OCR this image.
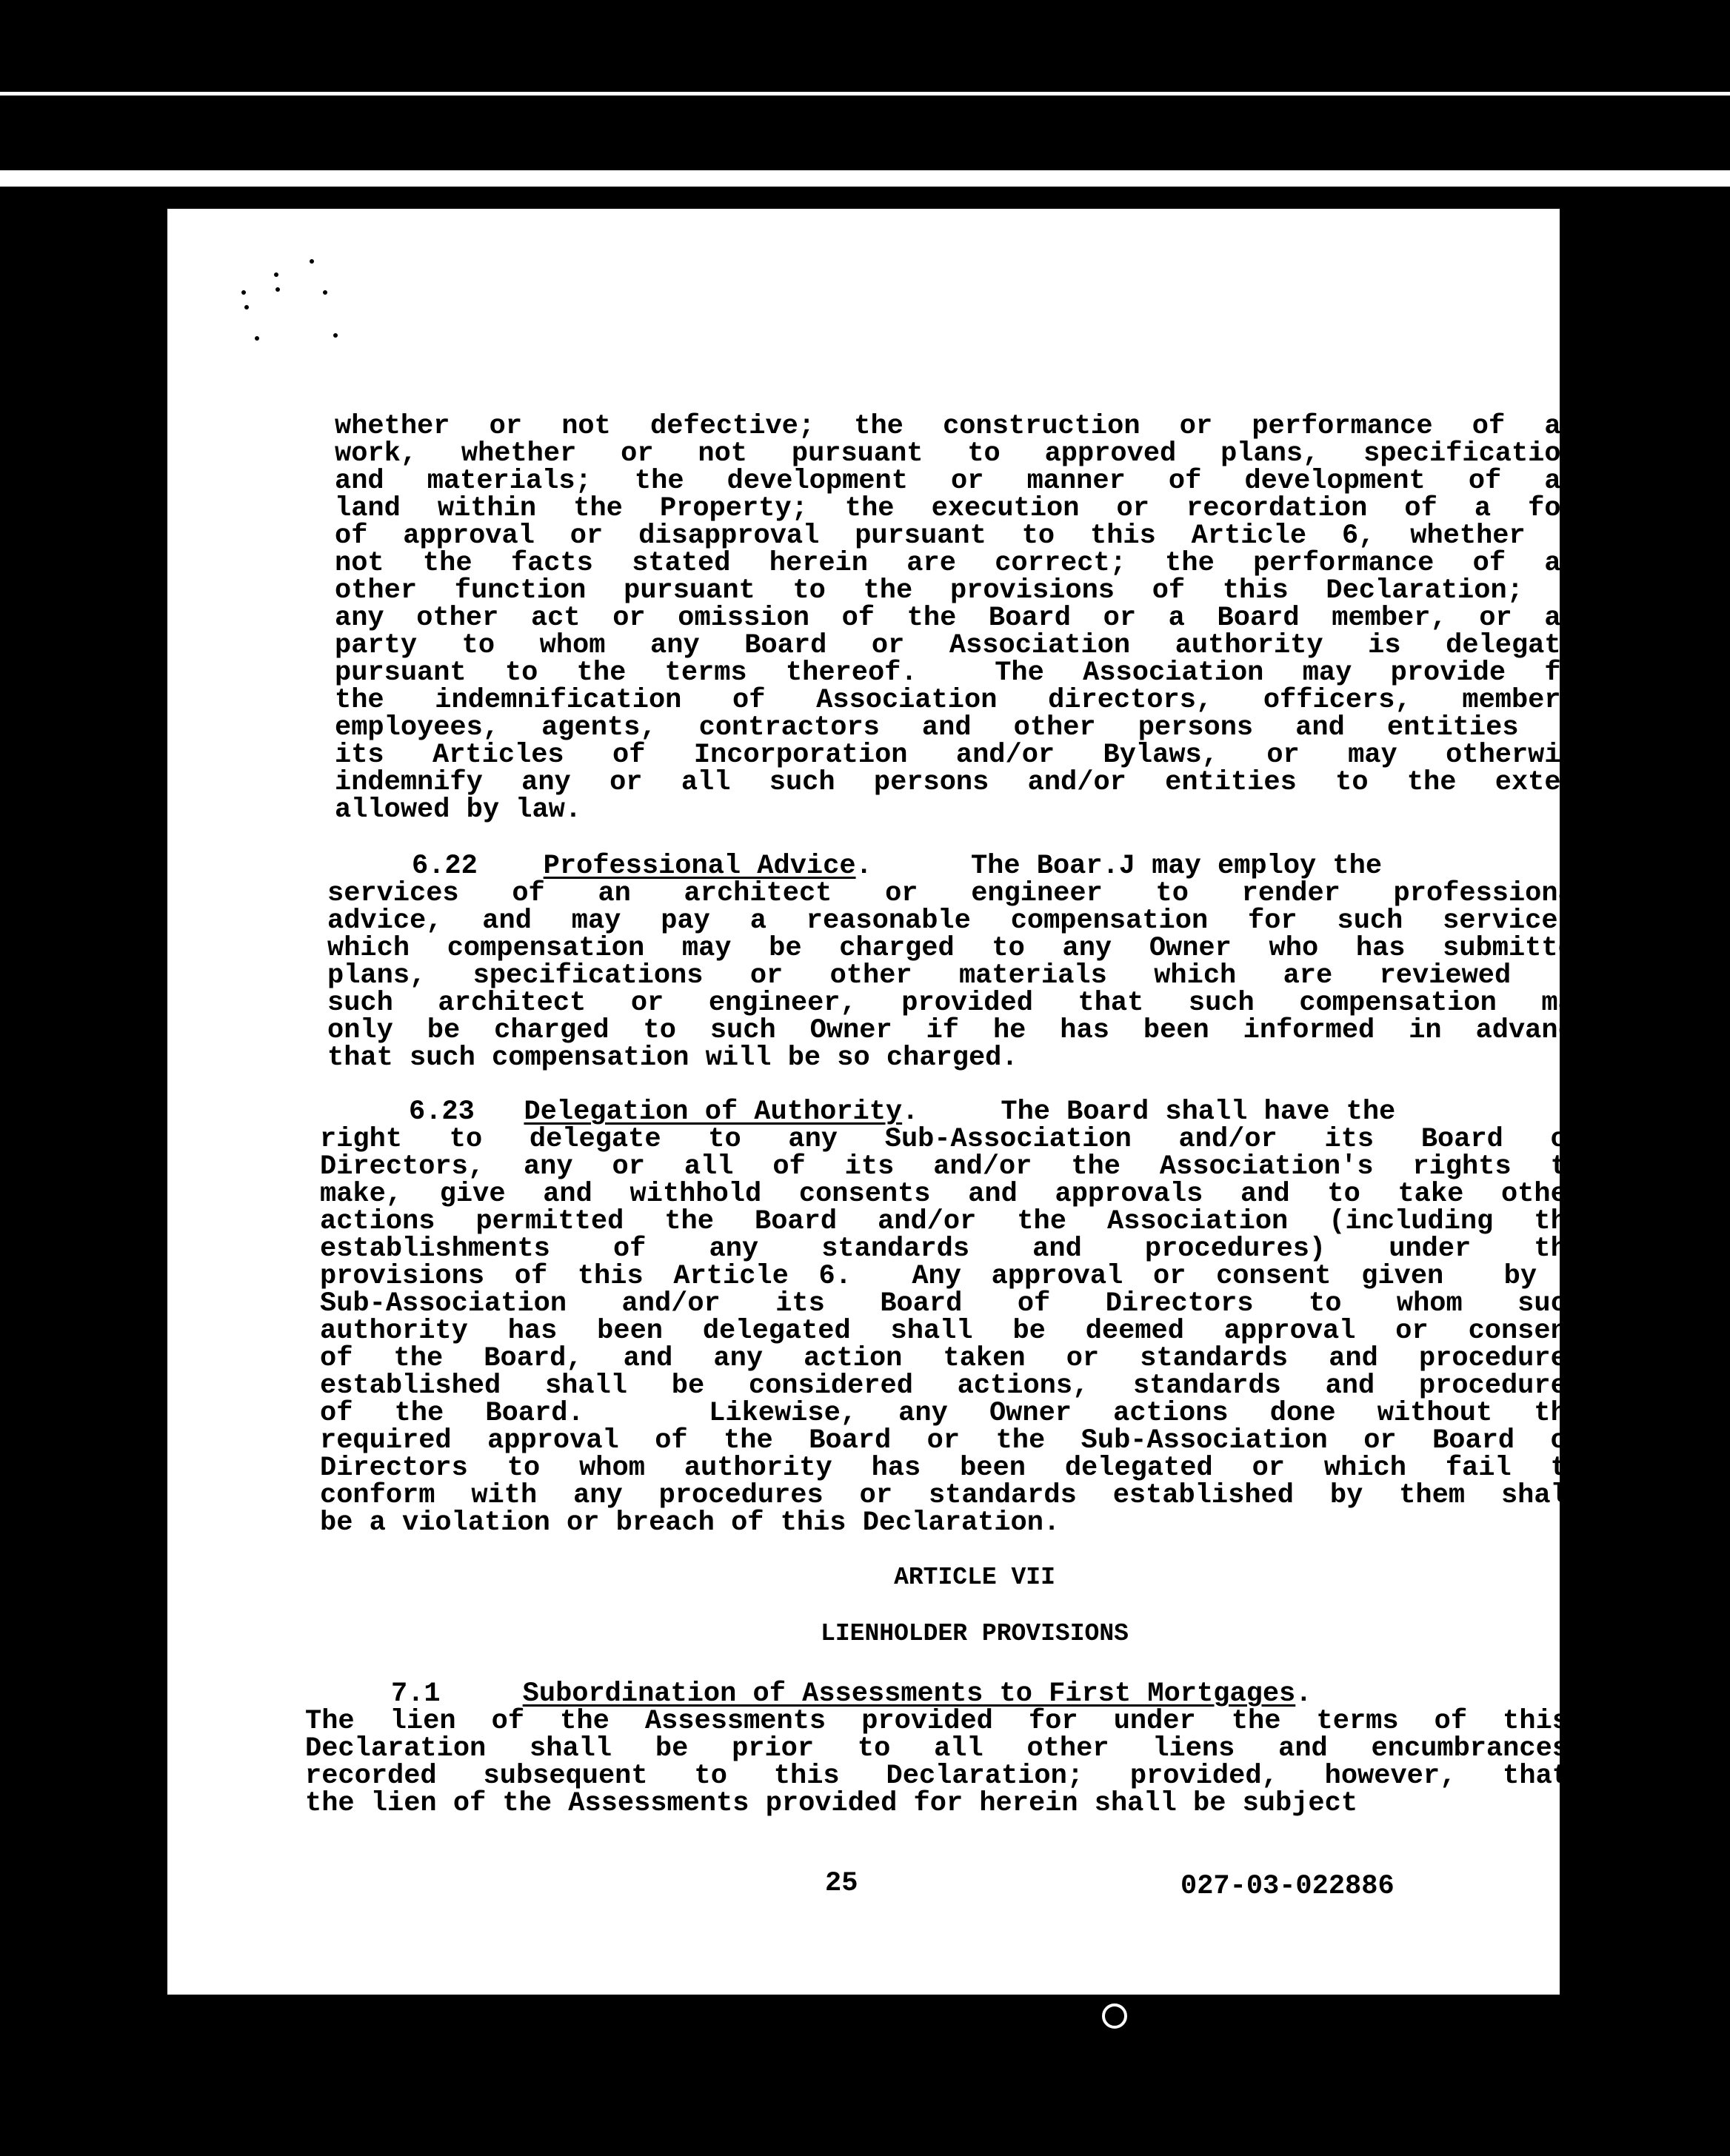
whether or not defective; the construction or performance of any
work, whether or not pursuant to approved plans, specifications
and materials; the development or manner of development of any
land within the Property; the execution or recordation of a form
of approval or disapproval pursuant to this Article 6, whether or
not the facts stated herein are correct; the performance of any
other function pursuant to the provisions of this Declaration; or
any other act or omission of the Board or a Board member, or any
party to whom any Board or Association authority is delegated
pursuant to the terms thereof.  The Association may provide for
the indemnification of Association directors, officers, members,
employees, agents, contractors and other persons and entities in
its Articles of Incorporation and/or Bylaws, or may otherwise
indemnify any or all such persons and/or entities to the extent
allowed by law.
6.22 Professional Advice.      The Boar.J may employ the
services of an architect or engineer to render professional
advice, and may pay a reasonable compensation for such services,
which compensation may be charged to any Owner who has submitted
plans, specifications or other materials which are reviewed by
such architect or engineer, provided that such compensation may
only be charged to such Owner if he has been informed in advance
that such compensation will be so charged.
6.23 Delegation of Authority.     The Board shall have the
right to delegate to any Sub-Association and/or its Board of
Directors, any or all of its and/or the Association's rights to
make, give and withhold consents and approvals and to take other
actions permitted the Board and/or the Association (including the
establishments of any standards and procedures) under the
provisions of this Article 6.  Any approval or consent given  by a
Sub-Association and/or its Board of Directors to whom such
authority has been delegated shall be deemed approval or consent
of the Board, and any action taken or standards and procedures
established shall be considered actions, standards and procedures
of the Board.   Likewise, any Owner actions done without the
required approval of the Board or the Sub-Association or Board of
Directors to whom authority has been delegated or which fail to
conform with any procedures or standards established by them shall
be a violation or breach of this Declaration.
ARTICLE VII
LIENHOLDER PROVISIONS
7.1	Subordination of Assessments to First Mortgages.
The lien of the Assessments provided for under the terms of this
Declaration shall be prior to all other liens and encumbrances
recorded subsequent to this Declaration; provided, however, that
the lien of the Assessments provided for herein shall be subject
25	027-03-022886	7862  1349
